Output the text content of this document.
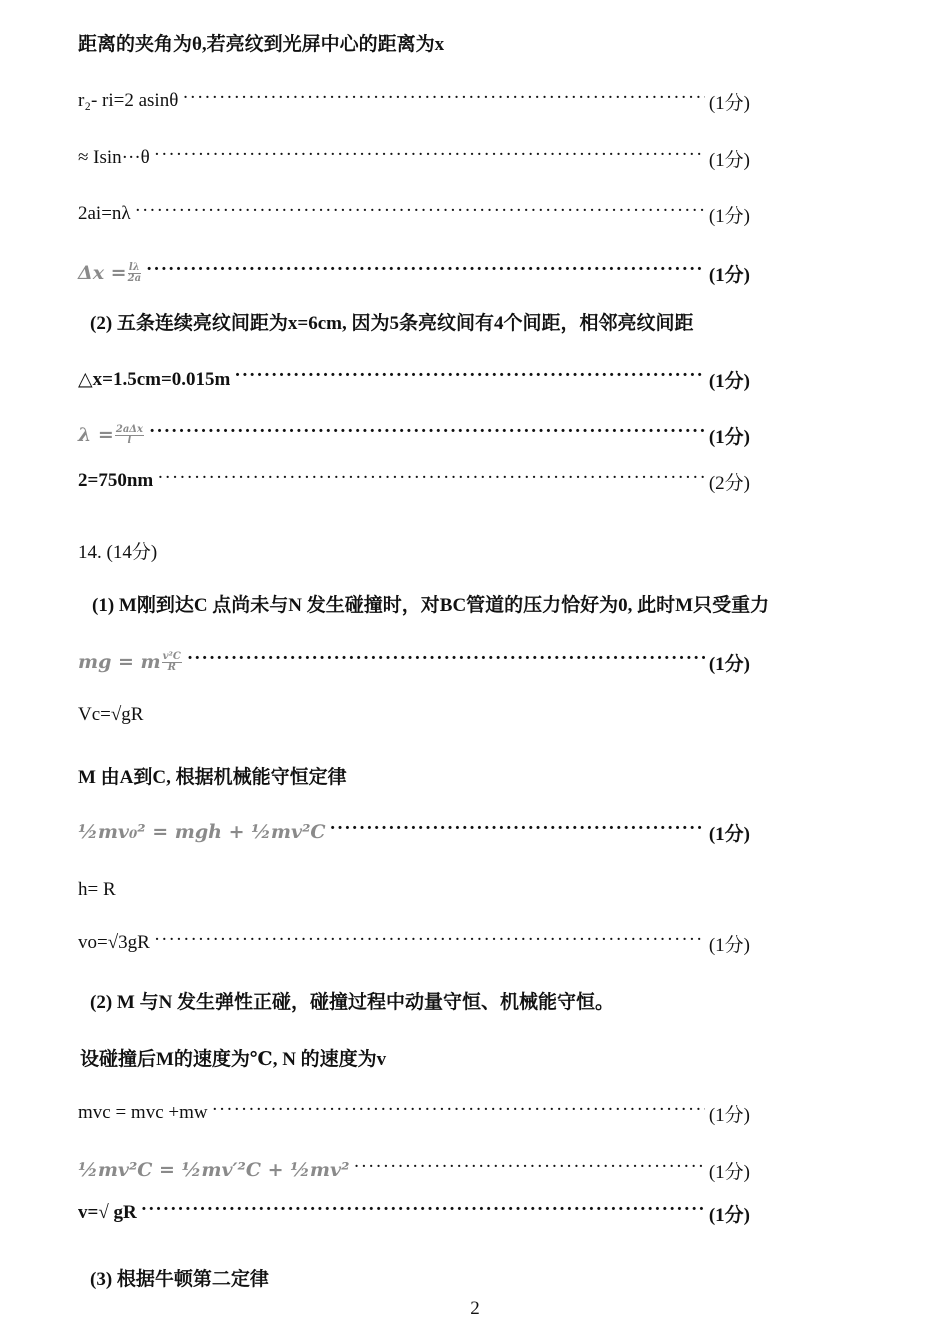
距离的夹角为θ,若亮纹到光屏中心的距离为x
r₂- ri=2 asinθ ·····	(1分)
≈ Isin···θ ·····	(1分)
2ai=nλ ·····	(1分)
$\Delta x = \frac{l\lambda}{2a}$ ·····	(1分)
(2) 五条连续亮纹间距为x=6cm, 因为5条亮纹间有4个间距，相邻亮纹间距
△x=1.5cm=0.015m ·····	(1分)
$\lambda = \frac{\text{2aΔx}}{l}$ ·····	(1分)
2=750nm ·····	(2分)
14. (14分)
(1) M刚到达C 点尚未与N 发生碰撞时，对BC管道的压力恰好为0, 此时M只受重力
mg = m $\frac{\text{v²C}}{R}$ ·····	(1分)
Vc=√gR
M 由A到C, 根据机械能守恒定律
½mv₀² = mgh + ½mv²C ·····	(1分)
h= R
vo=√3gR ·····	(1分)
(2) M 与N 发生弹性正碰，碰撞过程中动量守恒、机械能守恒。
设碰撞后M的速度为℃, N 的速度为v
mvc = mvc +mw ·····	(1分)
½mv²C = ½mv′²C + ½mv² ·····	(1分)
v=√ gR ·····	(1分)
(3) 根据牛顿第二定律
2
